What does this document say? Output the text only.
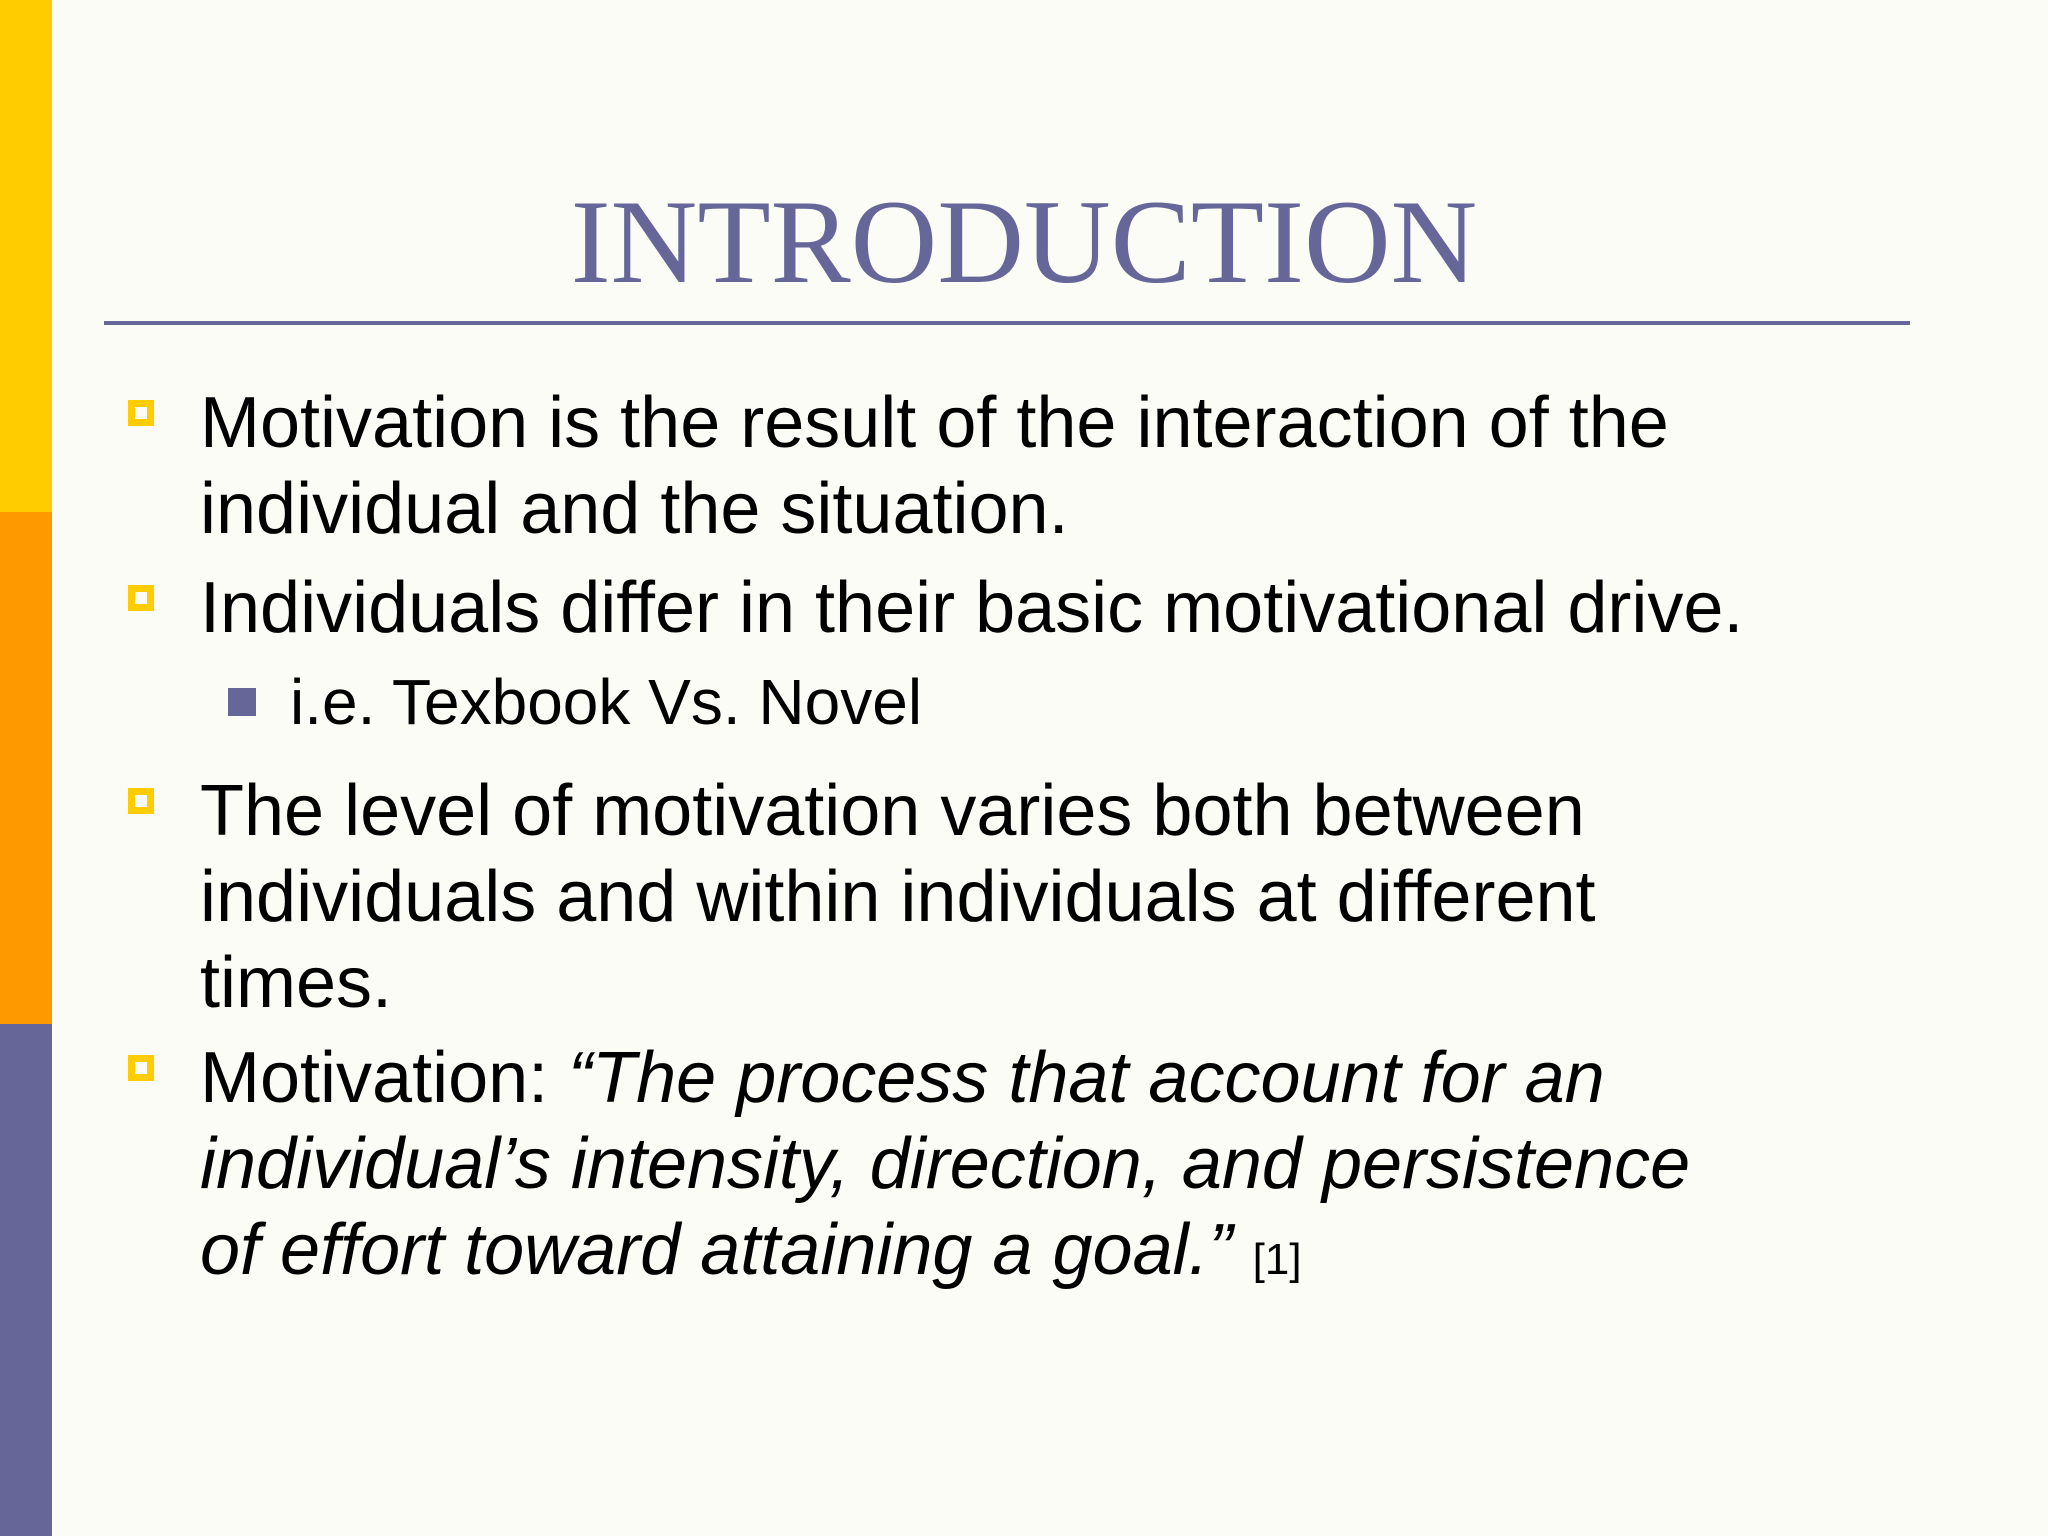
INTRODUCTION
Motivation is the result of the interaction of the
individual and the situation.
Individuals differ in their basic motivational drive.
i.e. Texbook Vs. Novel
The level of motivation varies both between
individuals and within individuals at different
times.
Motivation: “The process that account for an
individual’s intensity, direction, and persistence
of effort toward attaining a goal.” [1]
